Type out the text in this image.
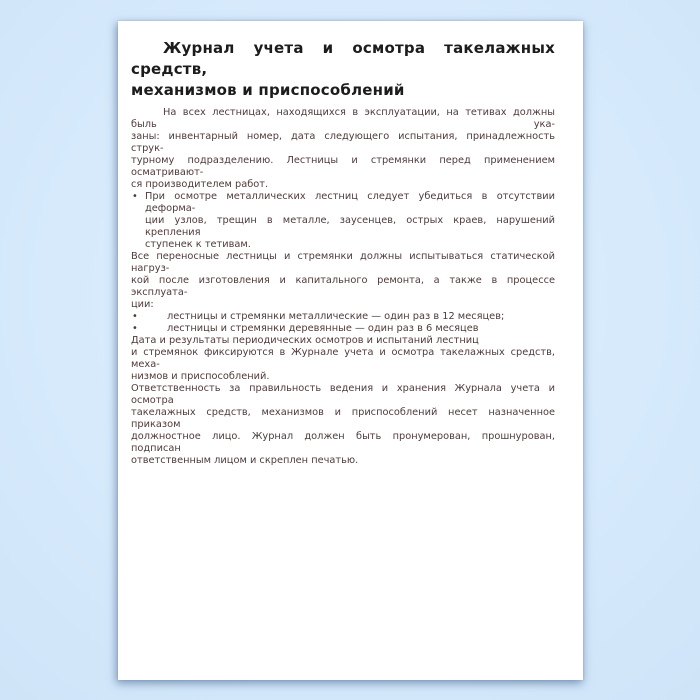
Журнал учета и осмотра такелажных средств,
механизмов и приспособлений
На всех лестницах, находящихся в эксплуатации, на тетивах должны быль ука-
заны: инвентарный номер, дата следующего испытания, принадлежность струк-
турному подразделению. Лестницы и стремянки перед применением осматривают-
ся производителем работ.
• При осмотре металлических лестниц следует убедиться в отсутствии деформа-
ции узлов, трещин в металле, заусенцев, острых краев, нарушений крепления
ступенек к тетивам.
Все переносные лестницы и стремянки должны испытываться статической нагруз-
кой после изготовления и капитального ремонта, а также в процессе эксплуата-
ции:
•	лестницы и стремянки металлические — один раз в 12 месяцев;
•	лестницы и стремянки деревянные — один раз в 6 месяцев
Дата и результаты периодических осмотров и испытаний лестниц
и стремянок фиксируются в Журнале учета и осмотра такелажных средств, меха-
низмов и приспособлений.
Ответственность за правильность ведения и хранения Журнала учета и осмотра
такелажных средств, механизмов и приспособлений несет назначенное приказом
должностное лицо. Журнал должен быть пронумерован, прошнурован, подписан
ответственным лицом и скреплен печатью.
